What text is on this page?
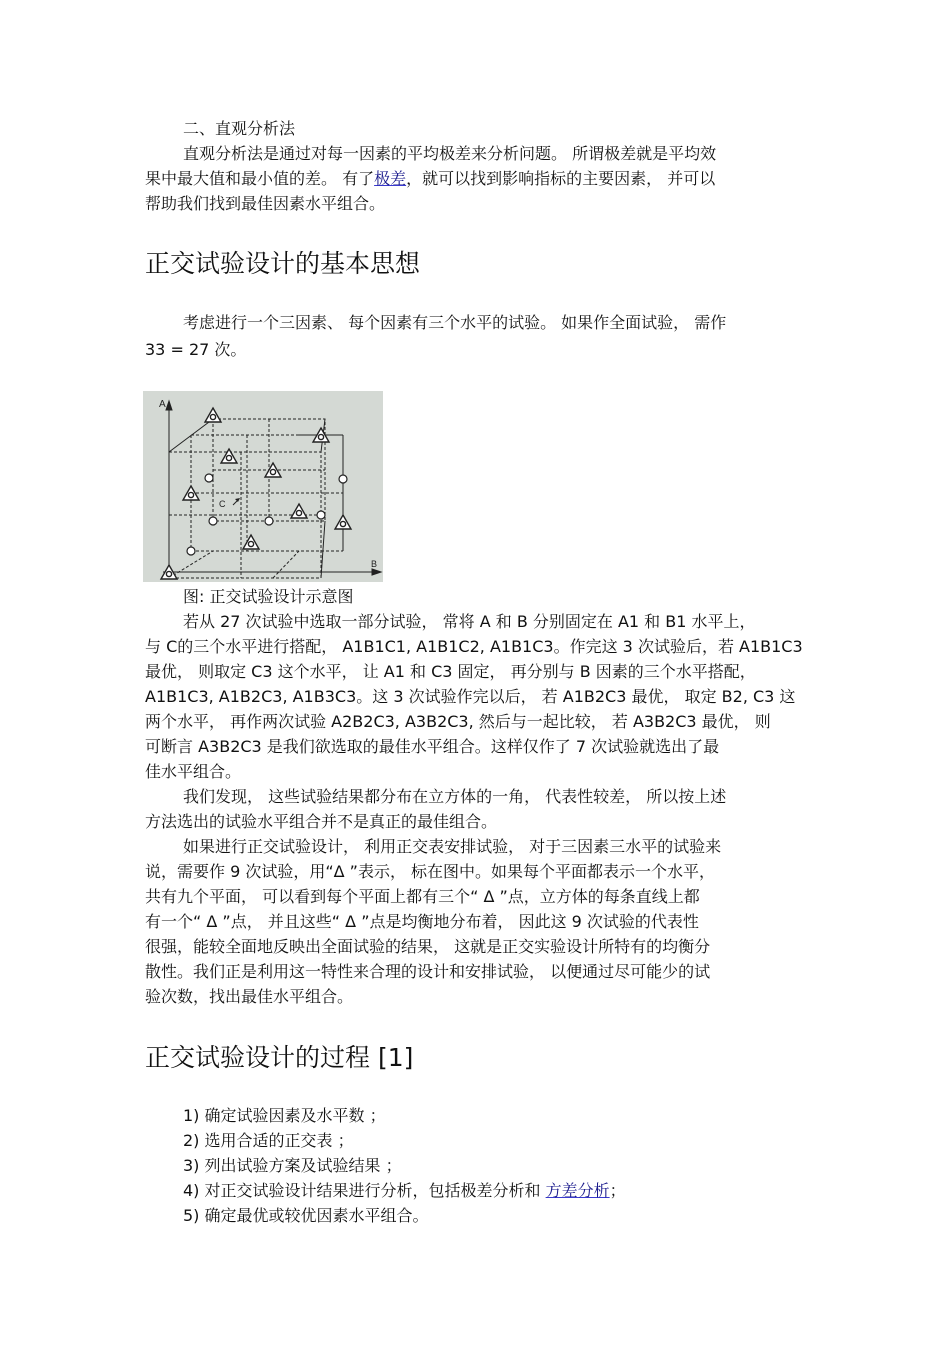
二、直观分析法
直观分析法是通过对每一因素的平均极差来分析问题。 所谓极差就是平均效
果中最大值和最小值的差。 有了极差，就可以找到影响指标的主要因素， 并可以
帮助我们找到最佳因素水平组合。
正交试验设计的基本思想
考虑进行一个三因素、 每个因素有三个水平的试验。 如果作全面试验， 需作
33 = 27 次。
A
B
C
图: 正交试验设计示意图
若从 27 次试验中选取一部分试验， 常将 A 和 B 分别固定在 A1 和 B1 水平上，
与 C的三个水平进行搭配， A1B1C1, A1B1C2, A1B1C3。作完这 3 次试验后，若 A1B1C3
最优， 则取定 C3 这个水平， 让 A1 和 C3 固定， 再分别与 B 因素的三个水平搭配，
A1B1C3, A1B2C3, A1B3C3。这 3 次试验作完以后， 若 A1B2C3 最优， 取定 B2, C3 这
两个水平， 再作两次试验 A2B2C3, A3B2C3, 然后与一起比较， 若 A3B2C3 最优， 则
可断言 A3B2C3 是我们欲选取的最佳水平组合。这样仅作了 7 次试验就选出了最
佳水平组合。
我们发现， 这些试验结果都分布在立方体的一角， 代表性较差， 所以按上述
方法选出的试验水平组合并不是真正的最佳组合。
如果进行正交试验设计， 利用正交表安排试验， 对于三因素三水平的试验来
说，需要作 9 次试验，用“Δ ”表示， 标在图中。如果每个平面都表示一个水平，
共有九个平面， 可以看到每个平面上都有三个“ Δ ”点，立方体的每条直线上都
有一个“ Δ ”点， 并且这些“ Δ ”点是均衡地分布着， 因此这 9 次试验的代表性
很强，能较全面地反映出全面试验的结果， 这就是正交实验设计所特有的均衡分
散性。我们正是利用这一特性来合理的设计和安排试验， 以便通过尽可能少的试
验次数，找出最佳水平组合。
正交试验设计的过程 [1]
1) 确定试验因素及水平数 ；
2) 选用合适的正交表 ；
3) 列出试验方案及试验结果 ；
4) 对正交试验设计结果进行分析，包括极差分析和 方差分析；
5) 确定最优或较优因素水平组合。
